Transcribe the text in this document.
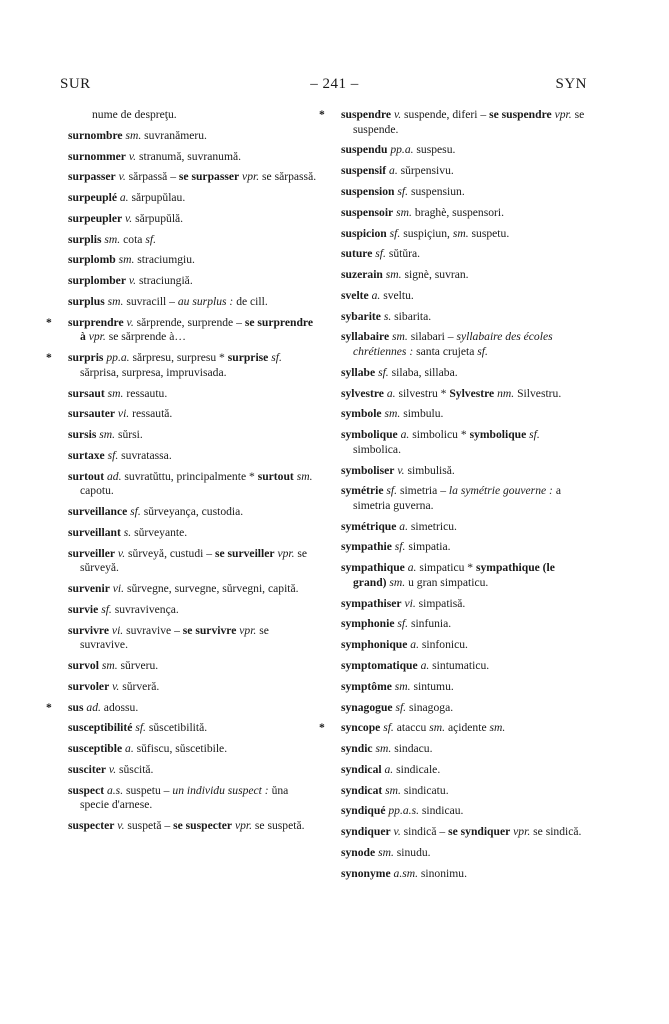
SUR	– 241 –	SYN
nume de despreţu.
surnombre sm. suvranămeru.
surnommer v. stranumă, suvranumă.
surpasser v. sărpassă – se surpasser vpr. se sărpassă.
surpeuplé a. sărpupŭlau.
surpeupler v. sărpupŭlă.
surplis sm. cota sf.
surplomb sm. straciumgiu.
surplomber v. straciungiă.
surplus sm. suvracill – au surplus : de cill.
* surprendre v. sărprende, surprende – se surprendre à vpr. se sărprende à…
* surpris pp.a. sărpresu, surpresu * surprise sf. sărprisa, surpresa, impruvisada.
sursaut sm. ressautu.
sursauter vi. ressaută.
sursis sm. sŭrsi.
surtaxe sf. suvratassa.
surtout ad. suvratŭttu, principalmente * surtout sm. capotu.
surveillance sf. sŭrveyança, custodia.
surveillant s. sŭrveyante.
surveiller v. sŭrveyă, custudi – se surveiller vpr. se sŭrveyă.
survenir vi. sŭrvegne, survegne, sŭrvegni, capită.
survie sf. suvravivença.
survivre vi. suvravive – se survivre vpr. se suvravive.
survol sm. sŭrveru.
survoler v. sŭrveră.
* sus ad. adossu.
susceptibilité sf. sŭscetibilită.
susceptible a. sŭfiscu, sŭscetibile.
susciter v. sŭscită.
suspect a.s. suspetu – un individu suspect : ŭna specie d'arnese.
suspecter v. suspetă – se suspecter vpr. se suspetă.
* suspendre v. suspende, diferi – se suspendre vpr. se suspende.
suspendu pp.a. suspesu.
suspensif a. sŭrpensivu.
suspension sf. suspensiun.
suspensoir sm. braghè, suspensori.
suspicion sf. suspiçiun, sm. suspetu.
suture sf. sŭtŭra.
suzerain sm. signè, suvran.
svelte a. sveltu.
sybarite s. sibarita.
syllabaire sm. silabari – syllabaire des écoles chrétiennes : santa crujeta sf.
syllabe sf. silaba, sillaba.
sylvestre a. silvestru * Sylvestre nm. Silvestru.
symbole sm. simbulu.
symbolique a. simbolicu * symbolique sf. simbolica.
symboliser v. simbulisă.
symétrie sf. simetria – la symétrie gouverne : a simetria guverna.
symétrique a. simetricu.
sympathie sf. simpatia.
sympathique a. simpaticu * sympathique (le grand) sm. u gran simpaticu.
sympathiser vi. simpatisă.
symphonie sf. sinfunia.
symphonique a. sinfonicu.
symptomatique a. sintumaticu.
symptôme sm. sintumu.
synagogue sf. sinagoga.
* syncope sf. ataccu sm. açidente sm.
syndic sm. sindacu.
syndical a. sindicale.
syndicat sm. sindicatu.
syndiqué pp.a.s. sindicau.
syndiquer v. sindică – se syndiquer vpr. se sindică.
synode sm. sinudu.
synonyme a.sm. sinonimu.
